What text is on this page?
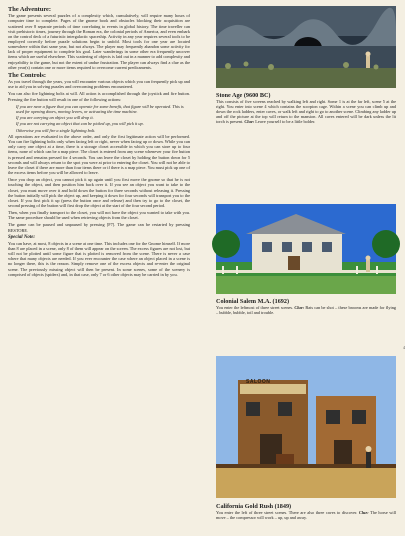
The Adventure:

The game presents several puzzles of a complexity which, cumulatively, will require many hours of computer time to complete. Pages of the gnome book and obstacles blocking their acquisition are scattered over 8 separate periods of time correlating to events in global history. The time traveller can visit prehistoric times, journey through the Roman era, the colonial periods of America, and even embark on the control deck of a futuristic intergalactic spaceship. Activity in any year requires several tools to be employed correctly before puzzle solutions begin to unfold. Most tools for one year are located somewhere within that same year, but not always. The player may frequently abandon some activity for lack of proper equipment to complete his goal. Later wanderings in some other era frequently uncover items which are useful elsewhere. This scattering of objects is laid out in a manner to add complexity and enjoyability to the game, but not the extent of undue frustration. The player can always find a clue as the other year(s) contain one or more items required to overcome current predicaments.

The Controls:

As you travel through the years, you will encounter various objects which you can frequently pick up and use to aid you in solving puzzles and overcoming problems encountered.

You can also fire lightning bolts at will. All action is accomplished through the joystick and fire button. Pressing the fire button will result in one of the following actions:

If you are near a figure that you can operate for some benefit, that figure will be operated. This is used for opening doors, moving levers, or activating the time machine.

If you are carrying an object you will drop it.

If you are not carrying an object that can be picked up, you will pick it up.

Otherwise you will fire a single lightning bolt.

All operations are evaluated in the above order, and only the first legitimate action will be performed. You can fire lightning bolts only when facing left or right, never when facing up or down. While you can only carry one object at a time, there is a storage closet accessible in which you can store up to four items, none of which can be a map piece. The closet is entered from any scene whenever your fire button is pressed and remains pressed for 4 seconds. You can leave the closet by holding the button down for 5 seconds and will always return to the spot you were at prior to entering the closet. You will not be able to leave the closet if there are more than four items there or if there is a map piece. You must pick up one of the excess items before you will be allowed to leave.

Once you drop an object, you cannot pick it up again until you first move the gnome so that he is not touching the object, and then position him back over it. If you see an object you want to take to the closet, you must move over it and hold down the button for three seconds without releasing it. Pressing the button initially will pick the object up, and keeping it down for four seconds will transport you to the closet. If you first pick it up (press the button once and release) and then try to go to the closet, the second pressing of the button will first drop the object at the start of the four second period.

Then, when you finally transport to the closet, you will not have the object you wanted to take with you. The same procedure should be used when retrieving objects from the closet.

The game can be paused and unpaused by pressing [F7]. The game can be restarted by pressing RESTORE.

Special Note:

You can have, at most, 8 objects in a scene at one time. This includes one for the Gnome himself. If more than 8 are placed in a scene, only 8 of them will appear on the screen. The excess figures are not lost, but will not be plotted until some figure that is plotted is removed from the scene. There is never a case where that many objects are needed. If you ever encounter the case where an object placed in a scene is no longer there, this is the reason. Simply remove one of the excess objects and re-enter the original scene. The previously missing object will then be present. In some scenes, some of the scenery is comprised of objects (spiders) and, in that case, only 7 or 6 other objects may be carried in by you.

Stone Age (9600 BC)

This consists of five screens reached by walking left and right. Some 1 is at the far left, scene 5 at the right. You enter into scene 4 which contains the scorpion cage. Within a scene you can climb up and down the rock ladders, enter caves, or walk left and right to go to another scene. Climbing any ladder up and off the picture at the top will return to the mansion. All caves entered will be dark unless the lit torch is present. Clue: Leave yourself to be a little bolder.

Colonial Salem M.A. (1692)

You enter the leftmost of three street scenes. Clue: Bats can be shot – these brooms are made for flying – bubble, bubble, toil and trouble.

SALOON

California Gold Rush (1849)

You enter the left of three street scenes. There are also three caves to discover. Clue: The horse will move – the compressor will work – up, up and away.

4
